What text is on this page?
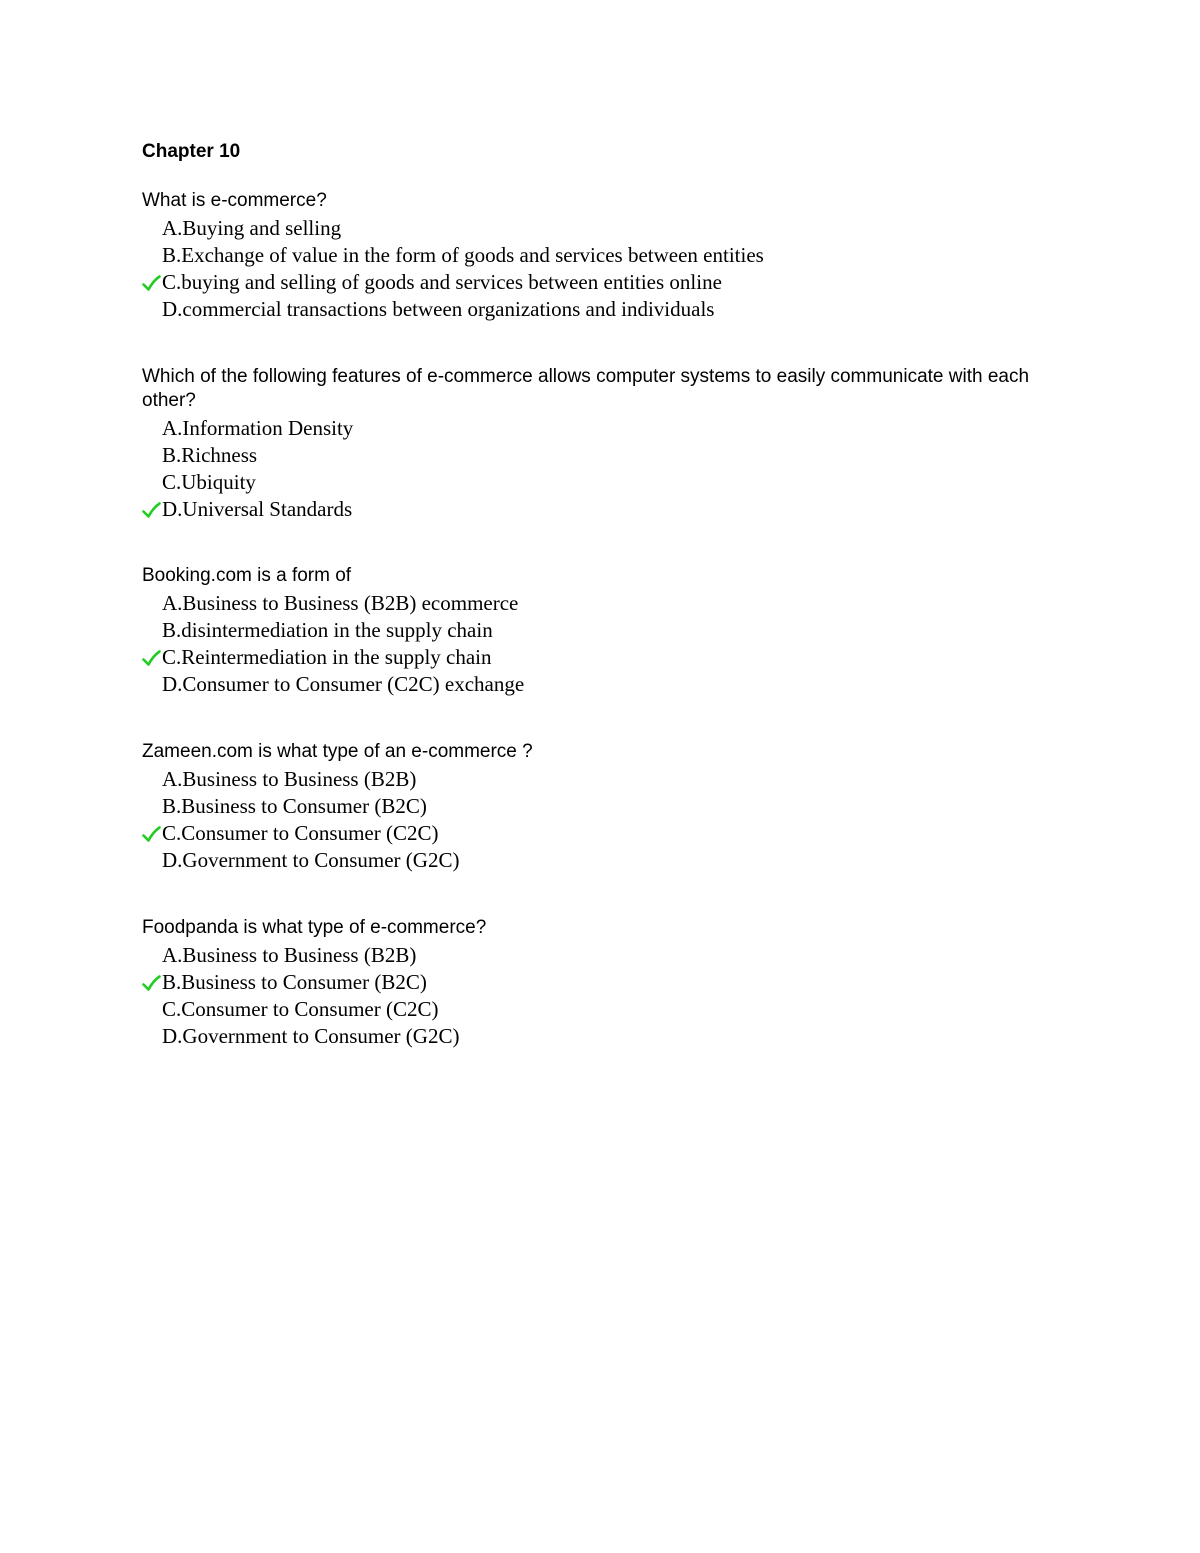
Chapter 10

What is e-commerce?

A.Buying and selling
B.Exchange of value in the form of goods and services between entities
C.buying and selling of goods and services between entities online
D.commercial transactions between organizations and individuals

Which of the following features of e-commerce allows computer systems to easily communicate with each other?

A.Information Density
B.Richness
C.Ubiquity
D.Universal Standards

Booking.com is a form of

A.Business to Business (B2B) ecommerce
B.disintermediation in the supply chain
C.Reintermediation in the supply chain
D.Consumer to Consumer (C2C) exchange

Zameen.com is what type of an e-commerce ?

A.Business to Business (B2B)
B.Business to Consumer (B2C)
C.Consumer to Consumer (C2C)
D.Government to Consumer (G2C)

Foodpanda is what type of e-commerce?

A.Business to Business (B2B)
B.Business to Consumer (B2C)
C.Consumer to Consumer (C2C)
D.Government to Consumer (G2C)
